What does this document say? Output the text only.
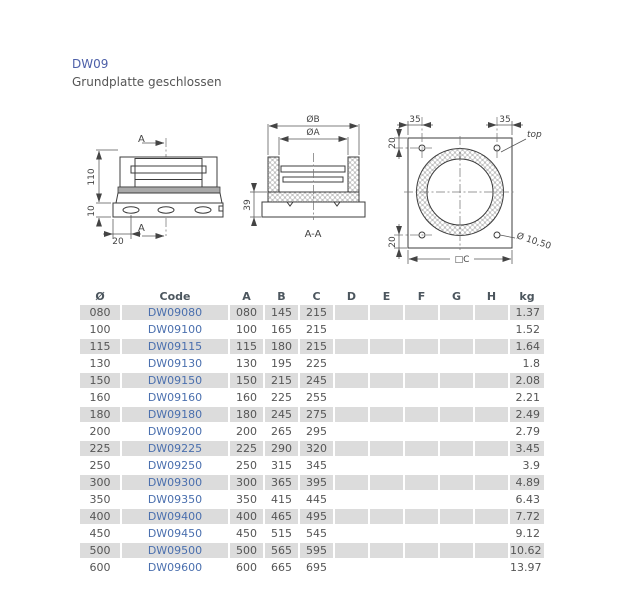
DW09
Grundplatte geschlossen
A
A
110
10
20
ØB
ØA
39
A-A
35	35
20
20
□C
top
Ø 10,50
Ø	Code	A	B	C	D	E	F	G	H	kg
080	DW09080	080	145	215						1.37
100	DW09100	100	165	215						1.52
115	DW09115	115	180	215						1.64
130	DW09130	130	195	225						1.8
150	DW09150	150	215	245						2.08
160	DW09160	160	225	255						2.21
180	DW09180	180	245	275						2.49
200	DW09200	200	265	295						2.79
225	DW09225	225	290	320						3.45
250	DW09250	250	315	345						3.9
300	DW09300	300	365	395						4.89
350	DW09350	350	415	445						6.43
400	DW09400	400	465	495						7.72
450	DW09450	450	515	545						9.12
500	DW09500	500	565	595						10.62
600	DW09600	600	665	695						13.97
